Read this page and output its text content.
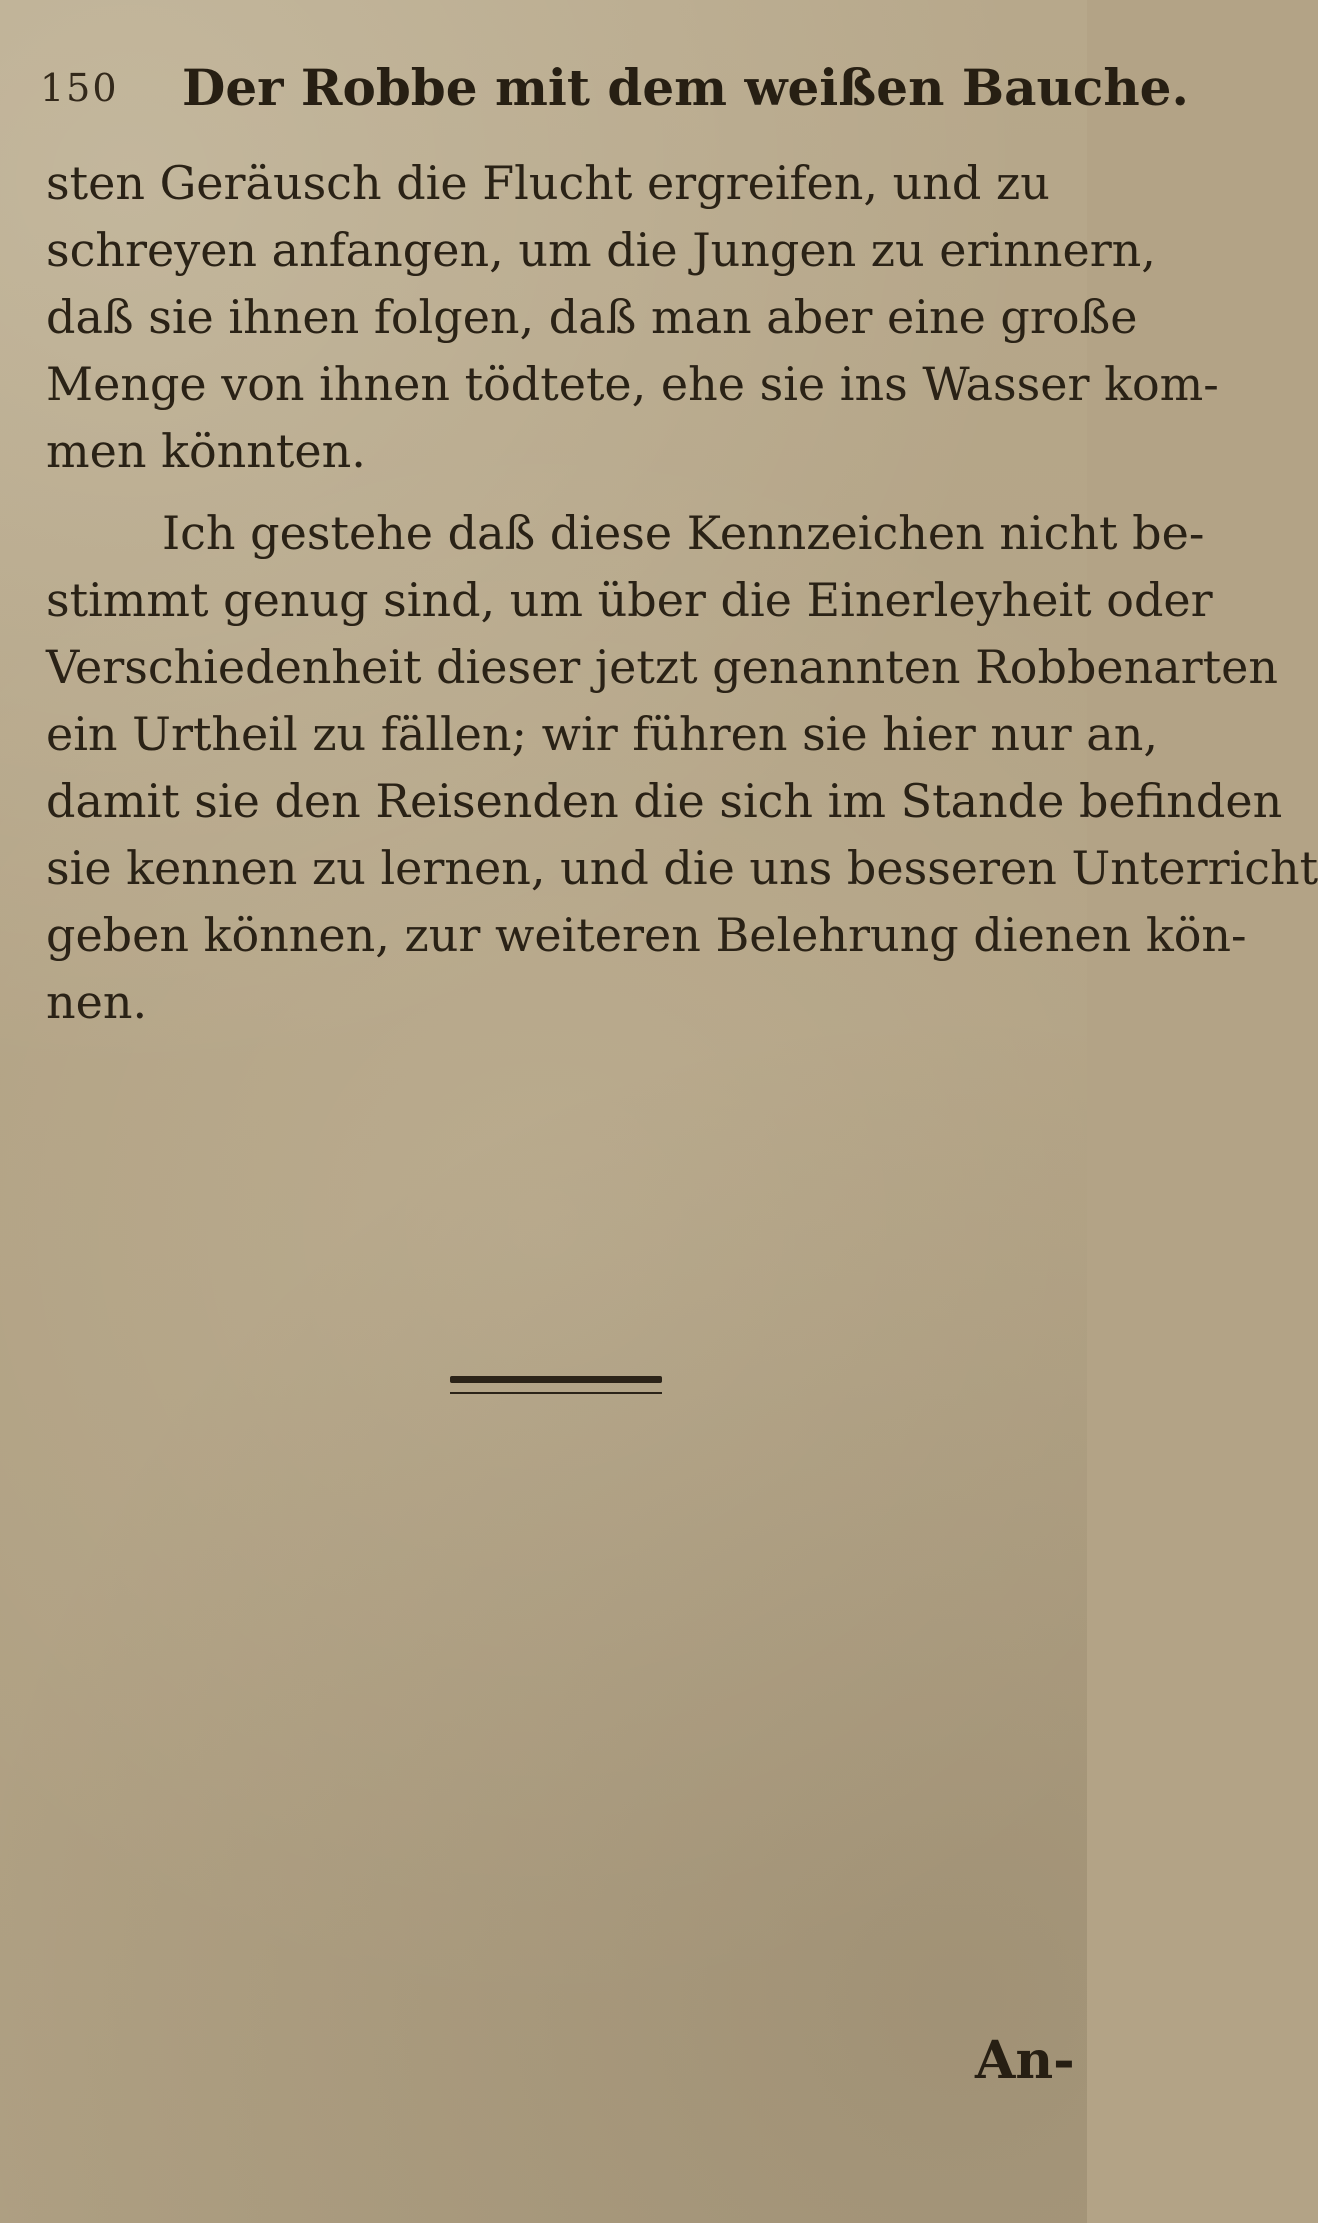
150 Der Robbe mit dem weißen Bauche.
sten Geräusch die Flucht ergreifen, und zu
schreyen anfangen, um die Jungen zu erinnern,
daß sie ihnen folgen, daß man aber eine große
Menge von ihnen tödtete, ehe sie ins Wasser kom-
men könnten.
Ich gestehe daß diese Kennzeichen nicht be-
stimmt genug sind, um über die Einerleyheit oder
Verschiedenheit dieser jetzt genannten Robbenarten
ein Urtheil zu fällen; wir führen sie hier nur an,
damit sie den Reisenden die sich im Stande befinden
sie kennen zu lernen, und die uns besseren Unterricht
geben können, zur weiteren Belehrung dienen kön-
nen.
An-
